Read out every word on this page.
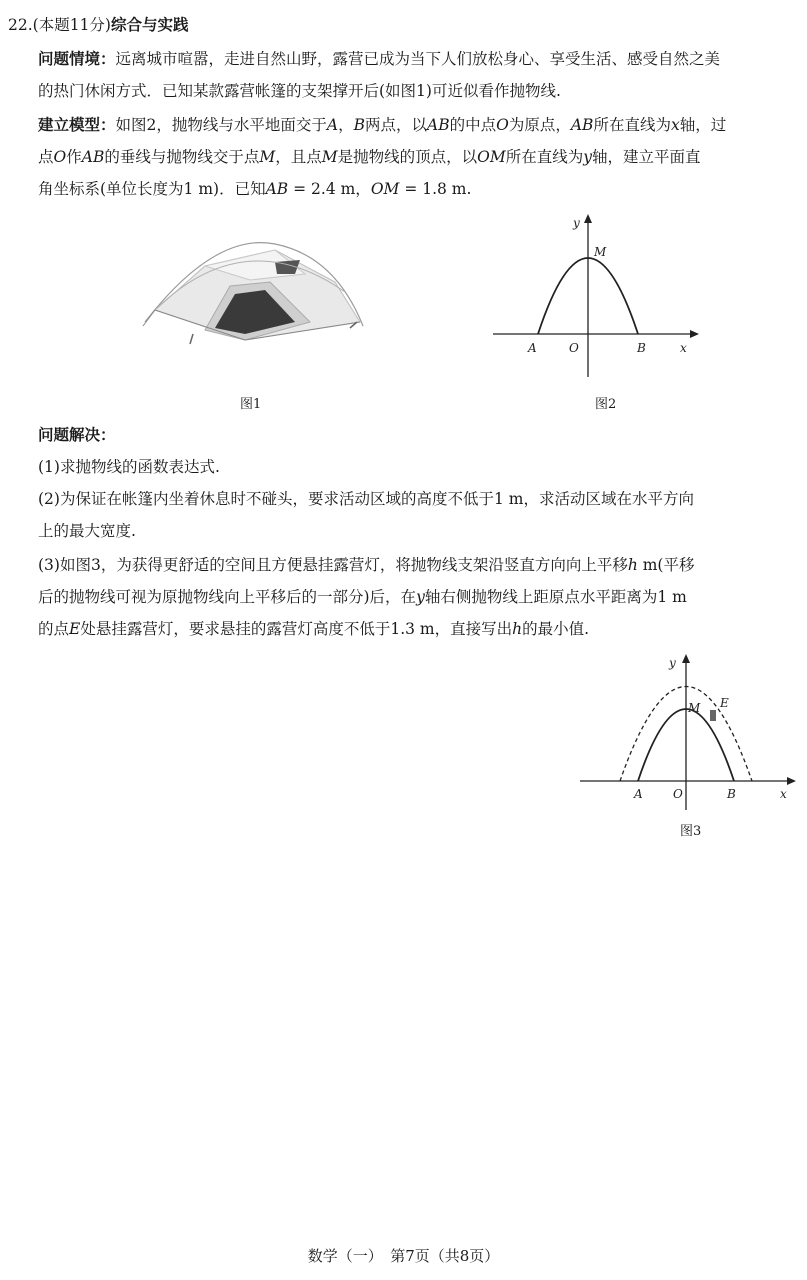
22.(本题11分)综合与实践
问题情境：远离城市喧嚣，走进自然山野，露营已成为当下人们放松身心、享受生活、感受自然之美
的热门休闲方式．已知某款露营帐篷的支架撑开后(如图1)可近似看作抛物线.
建立模型：如图2，抛物线与水平地面交于A，B两点，以AB的中点O为原点，AB所在直线为x轴，过
点O作AB的垂线与抛物线交于点M，且点M是抛物线的顶点，以OM所在直线为y轴，建立平面直
角坐标系(单位长度为1 m)．已知AB = 2.4 m，OM = 1.8 m.
图1
y
M
A	O	B	x
图2
问题解决：
(1)求抛物线的函数表达式.
(2)为保证在帐篷内坐着休息时不碰头，要求活动区域的高度不低于1 m，求活动区域在水平方向
上的最大宽度.
(3)如图3，为获得更舒适的空间且方便悬挂露营灯，将抛物线支架沿竖直方向向上平移h m(平移
后的抛物线可视为原抛物线向上平移后的一部分)后，在y轴右侧抛物线上距原点水平距离为1 m
的点E处悬挂露营灯，要求悬挂的露营灯高度不低于1.3 m，直接写出h的最小值.
y
M E
A	O	B	x
图3
数学（一）　第7页（共8页）
